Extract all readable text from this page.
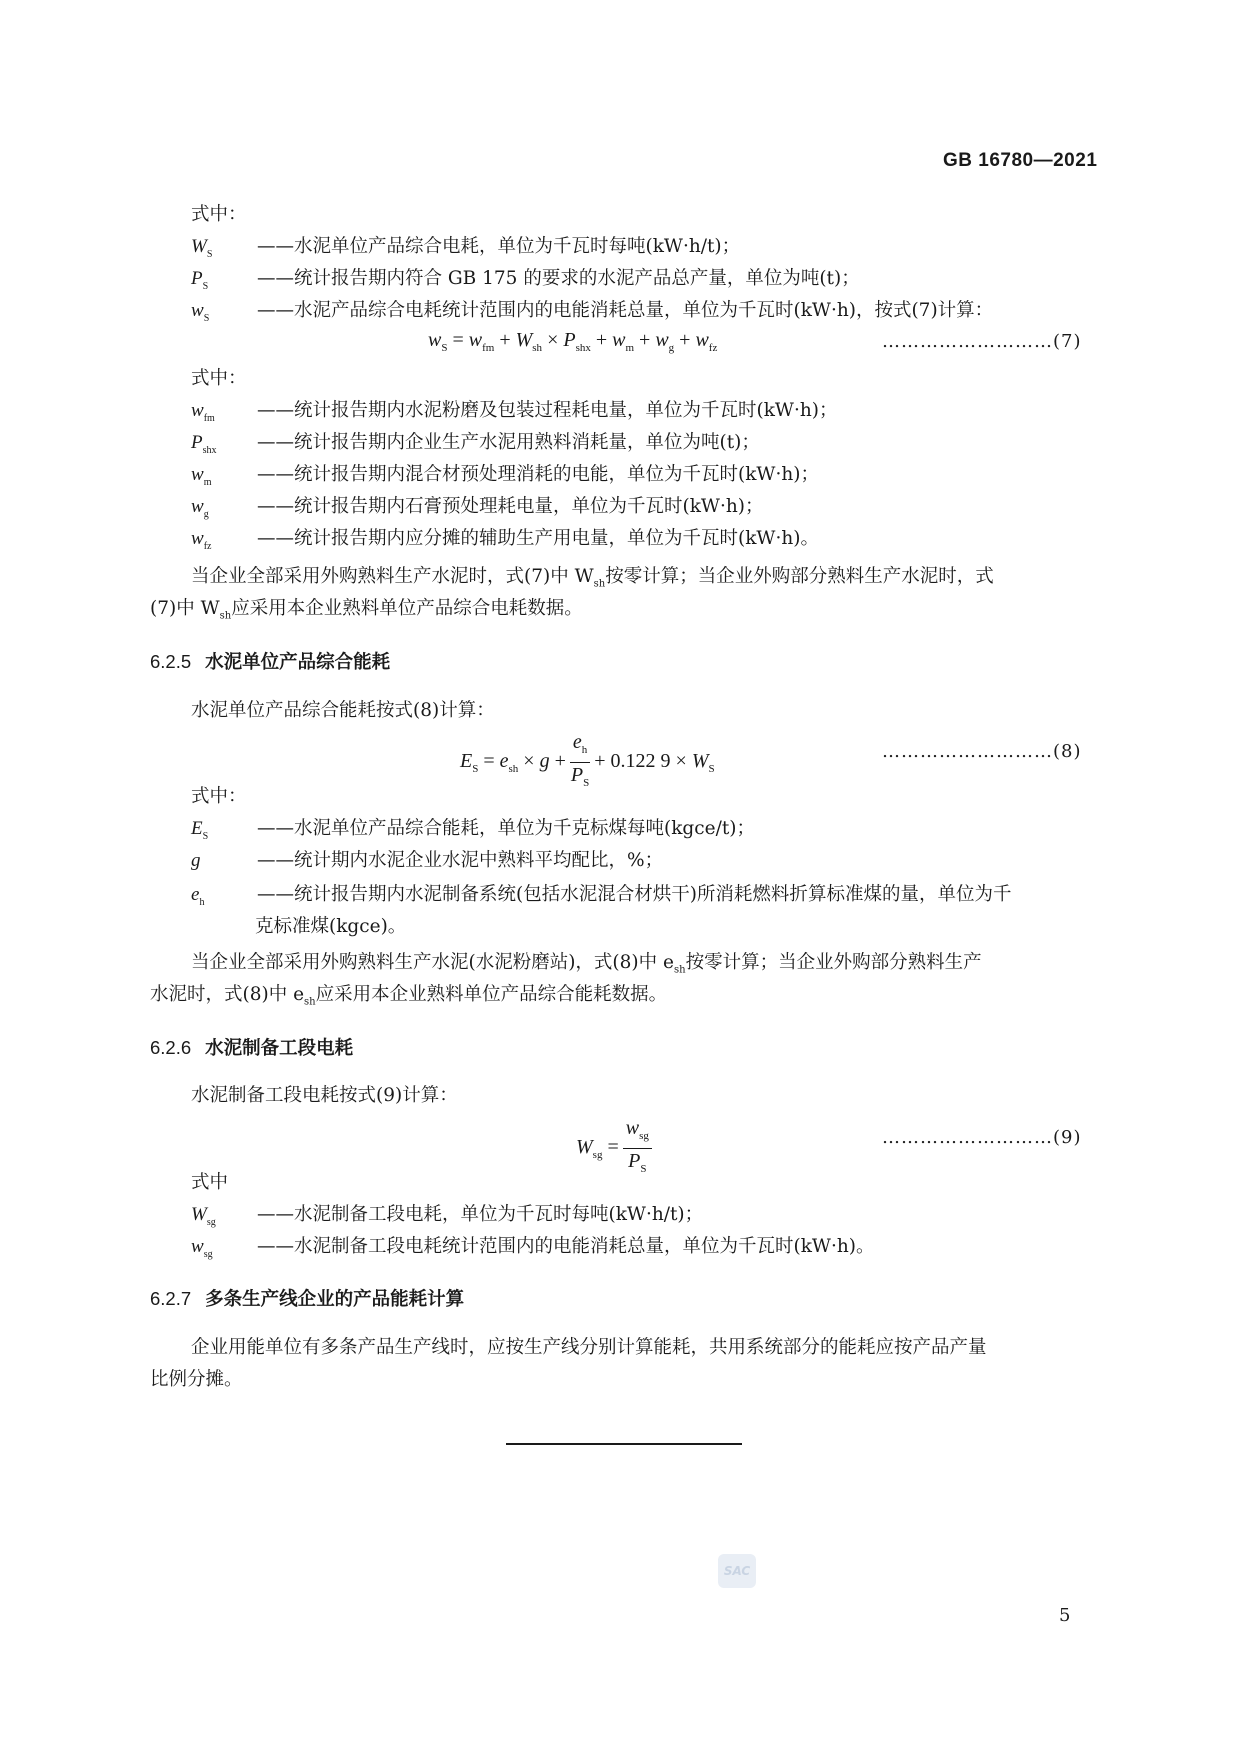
GB 16780—2021
式中：
$W_S$ ——水泥单位产品综合电耗，单位为千瓦时每吨(kW·h/t)；
$P_S$	——统计报告期内符合 GB 175 的要求的水泥产品总产量，单位为吨(t)；
$w_S$	——水泥产品综合电耗统计范围内的电能消耗总量，单位为千瓦时(kW·h)，按式(7)计算：
$w_S = w_{fm} + W_{sh} \times P_{shx} + w_m + w_g + w_{fz}$	………………………(7)
式中：
$w_{fm}$ ——统计报告期内水泥粉磨及包装过程耗电量，单位为千瓦时(kW·h)；
$P_{shx}$ ——统计报告期内企业生产水泥用熟料消耗量，单位为吨(t)；
$w_m$ ——统计报告期内混合材预处理消耗的电能，单位为千瓦时(kW·h)；
$w_g$	——统计报告期内石膏预处理耗电量，单位为千瓦时(kW·h)；
$w_{fz}$ ——统计报告期内应分摊的辅助生产用电量，单位为千瓦时(kW·h)。
当企业全部采用外购熟料生产水泥时，式(7)中 $W_{sh}$按零计算；当企业外购部分熟料生产水泥时，式
(7)中 $W_{sh}$应采用本企业熟料单位产品综合电耗数据。
6.2.5 水泥单位产品综合能耗
水泥单位产品综合能耗按式(8)计算：
$E_S = e_{sh} \times g + \frac{e_h}{P_S} + 0.122$ $9 \times W_S$
………………………(8)
式中：
$E_S$	——水泥单位产品综合能耗，单位为千克标煤每吨(kgce/t)；
g	——统计期内水泥企业水泥中熟料平均配比，%；
$e_h$	——统计报告期内水泥制备系统(包括水泥混合材烘干)所消耗燃料折算标准煤的量，单位为千
克标准煤(kgce)。
当企业全部采用外购熟料生产水泥(水泥粉磨站)，式(8)中 $e_{sh}$按零计算；当企业外购部分熟料生产
水泥时，式(8)中 $e_{sh}$应采用本企业熟料单位产品综合能耗数据。
6.2.6 水泥制备工段电耗
水泥制备工段电耗按式(9)计算：
$W_{sg} = \frac{w_{sg}}{P_S}$	………………………(9)
式中
$W_{sg}$ ——水泥制备工段电耗，单位为千瓦时每吨(kW·h/t)；
$w_{sg}$ ——水泥制备工段电耗统计范围内的电能消耗总量，单位为千瓦时(kW·h)。
6.2.7 多条生产线企业的产品能耗计算
企业用能单位有多条产品生产线时，应按生产线分别计算能耗，共用系统部分的能耗应按产品产量
比例分摊。
SAC
5
